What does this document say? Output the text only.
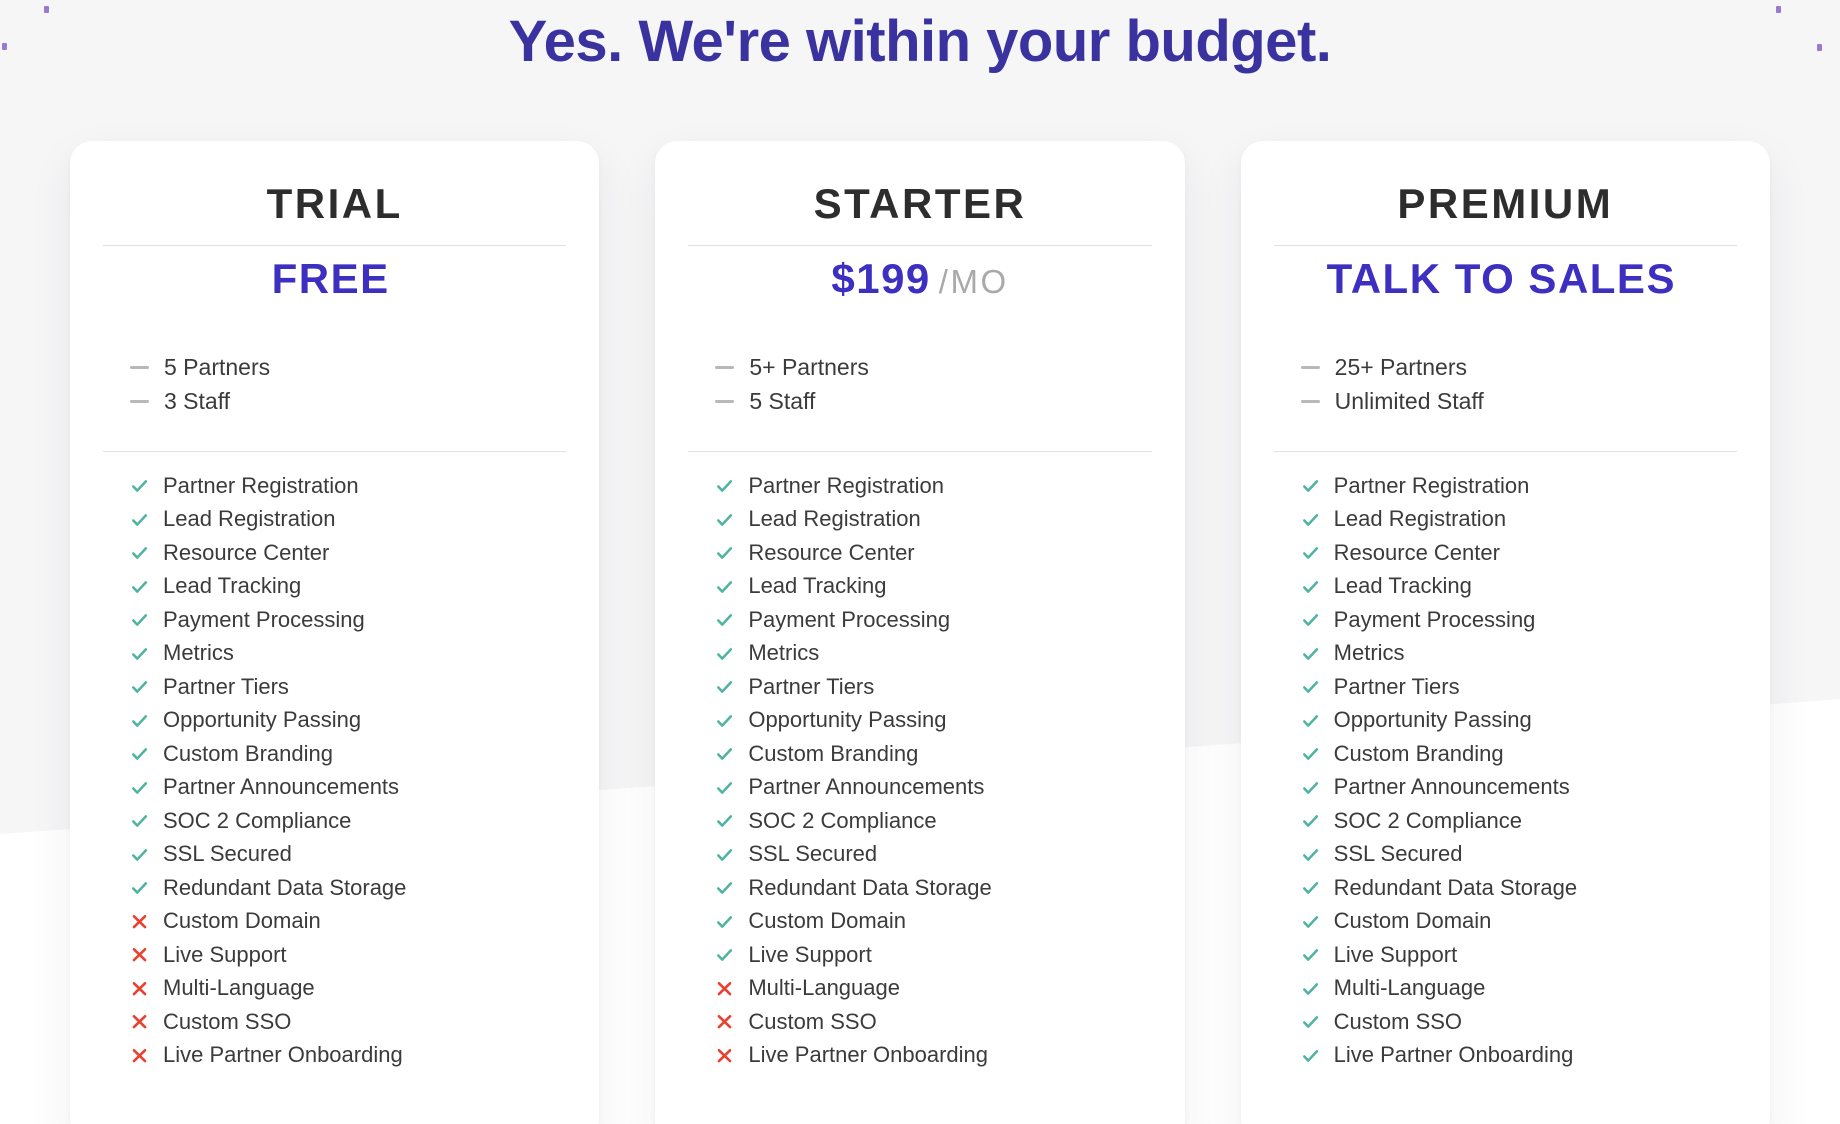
Yes. We're within your budget.
TRIAL
FREE
5 Partners
3 Staff
Partner Registration
Lead Registration
Resource Center
Lead Tracking
Payment Processing
Metrics
Partner Tiers
Opportunity Passing
Custom Branding
Partner Announcements
SOC 2 Compliance
SSL Secured
Redundant Data Storage
Custom Domain
Live Support
Multi-Language
Custom SSO
Live Partner Onboarding
STARTER
$199 /MO
5+ Partners
5 Staff
Partner Registration
Lead Registration
Resource Center
Lead Tracking
Payment Processing
Metrics
Partner Tiers
Opportunity Passing
Custom Branding
Partner Announcements
SOC 2 Compliance
SSL Secured
Redundant Data Storage
Custom Domain
Live Support
Multi-Language
Custom SSO
Live Partner Onboarding
PREMIUM
TALK TO SALES
25+ Partners
Unlimited Staff
Partner Registration
Lead Registration
Resource Center
Lead Tracking
Payment Processing
Metrics
Partner Tiers
Opportunity Passing
Custom Branding
Partner Announcements
SOC 2 Compliance
SSL Secured
Redundant Data Storage
Custom Domain
Live Support
Multi-Language
Custom SSO
Live Partner Onboarding
